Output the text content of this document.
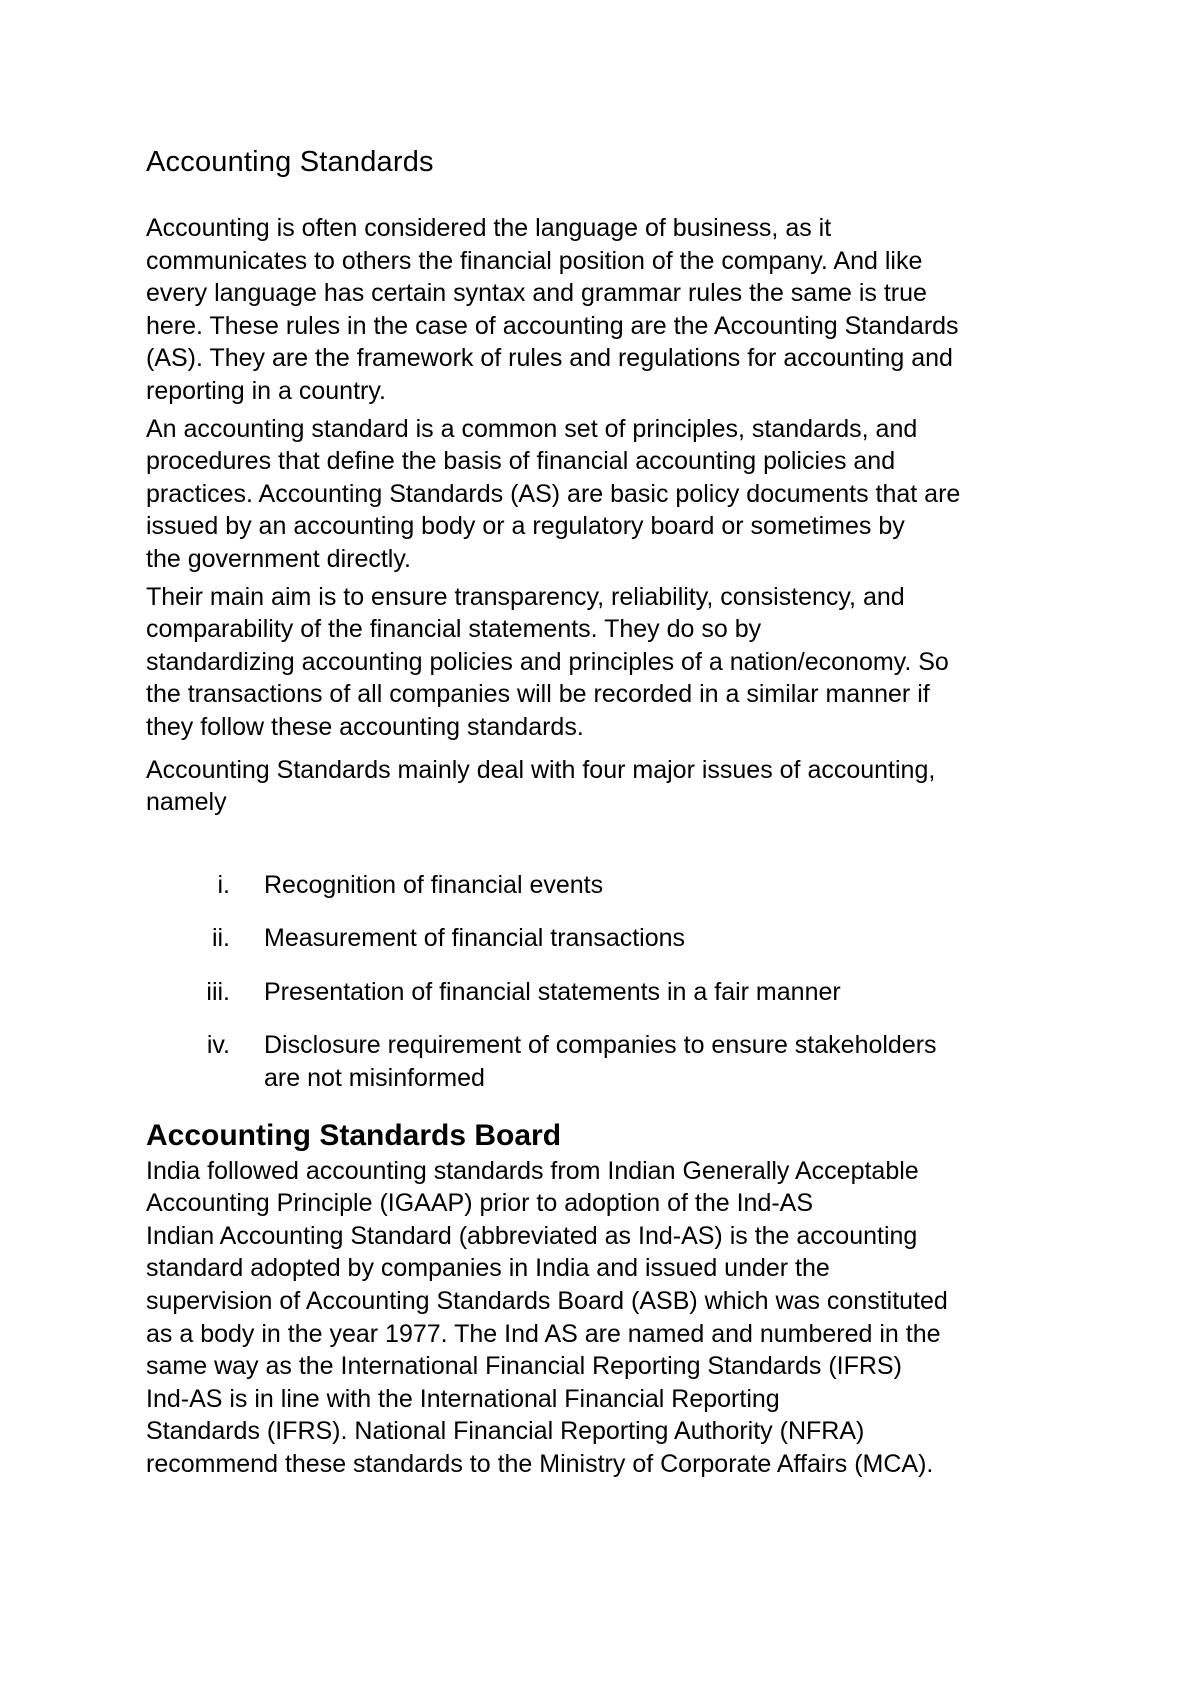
Accounting Standards

Accounting is often considered the language of business, as it
communicates to others the financial position of the company. And like
every language has certain syntax and grammar rules the same is true
here. These rules in the case of accounting are the Accounting Standards
(AS). They are the framework of rules and regulations for accounting and
reporting in a country.

An accounting standard is a common set of principles, standards, and
procedures that define the basis of financial accounting policies and
practices. Accounting Standards (AS) are basic policy documents that are
issued by an accounting body or a regulatory board or sometimes by
the government directly.

Their main aim is to ensure transparency, reliability, consistency, and
comparability of the financial statements. They do so by
standardizing accounting policies and principles of a nation/economy. So
the transactions of all companies will be recorded in a similar manner if
they follow these accounting standards.

Accounting Standards mainly deal with four major issues of accounting,
namely

i.	Recognition of financial events
ii.	Measurement of financial transactions
iii.	Presentation of financial statements in a fair manner
iv.	Disclosure requirement of companies to ensure stakeholders
are not misinformed
Accounting Standards Board

India followed accounting standards from Indian Generally Acceptable
Accounting Principle (IGAAP) prior to adoption of the Ind-AS
Indian Accounting Standard (abbreviated as Ind-AS) is the accounting
standard adopted by companies in India and issued under the
supervision of Accounting Standards Board (ASB) which was constituted
as a body in the year 1977. The Ind AS are named and numbered in the
same way as the International Financial Reporting Standards (IFRS)
Ind-AS is in line with the International Financial Reporting
Standards (IFRS). National Financial Reporting Authority (NFRA)
recommend these standards to the Ministry of Corporate Affairs (MCA).
